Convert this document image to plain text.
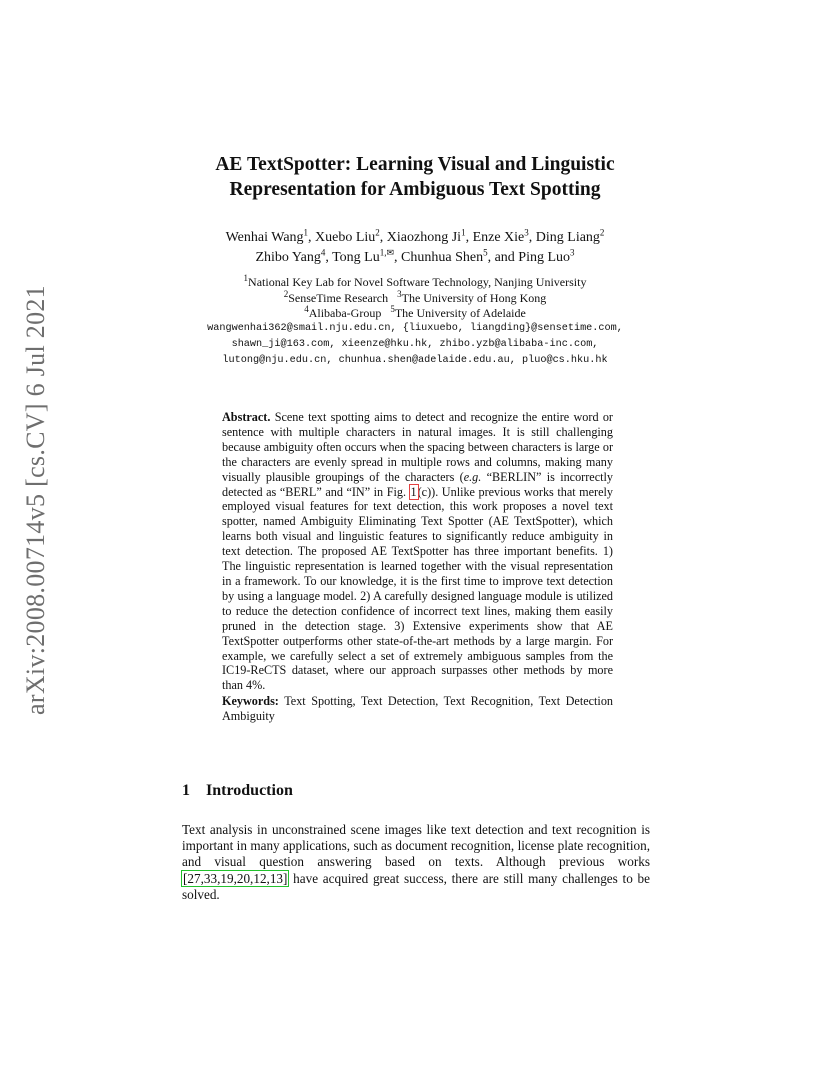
arXiv:2008.00714v5 [cs.CV] 6 Jul 2021
AE TextSpotter: Learning Visual and Linguistic
Representation for Ambiguous Text Spotting
Wenhai Wang$^1$, Xuebo Liu$^2$, Xiaozhong Ji$^1$, Enze Xie$^3$, Ding Liang$^2$
Zhibo Yang$^4$, Tong $Lu^{1,✉}$, Chunhua Shen$^5$, and Ping Luo$^3$
$^1$National Key Lab for Novel Software Technology, Nanjing University
$^2$SenseTime Research $^3$The University of Hong Kong
$^4$Alibaba-Group $^5$The University of Adelaide
wangwenhai362@smail.nju.edu.cn, {liuxuebo, liangding}@sensetime.com,
shawn_ji@163.com, xieenze@hku.hk, zhibo.yzb@alibaba-inc.com,
lutong@nju.edu.cn, chunhua.shen@adelaide.edu.au, pluo@cs.hku.hk
Abstract. Scene text spotting aims to detect and recognize the entire word or sentence with multiple characters in natural images. It is still challenging because ambiguity often occurs when the spacing between characters is large or the characters are evenly spread in multiple rows and columns, making many visually plausible groupings of the characters (e.g. “BERLIN” is incorrectly detected as “BERL” and “IN” in Fig. 1(c)). Unlike previous works that merely employed visual features for text detection, this work proposes a novel text spotter, named Ambiguity Eliminating Text Spotter (AE TextSpotter), which learns both visual and linguistic features to significantly reduce ambiguity in text detection. The proposed AE TextSpotter has three important benefits. 1) The linguistic representation is learned together with the visual representation in a framework. To our knowledge, it is the first time to improve text detection by using a language model. 2) A carefully designed language module is utilized to reduce the detection confidence of incorrect text lines, making them easily pruned in the detection stage. 3) Extensive experiments show that AE TextSpotter outperforms other state-of-the-art methods by a large margin. For example, we carefully select a set of extremely ambiguous samples from the IC19-ReCTS dataset, where our approach surpasses other methods by more than 4%.
Keywords: Text Spotting, Text Detection, Text Recognition, Text Detection Ambiguity
1 Introduction
Text analysis in unconstrained scene images like text detection and text recognition is important in many applications, such as document recognition, license plate recognition, and visual question answering based on texts. Although previous works [27,33,19,20,12,13] have acquired great success, there are still many challenges to be solved.
